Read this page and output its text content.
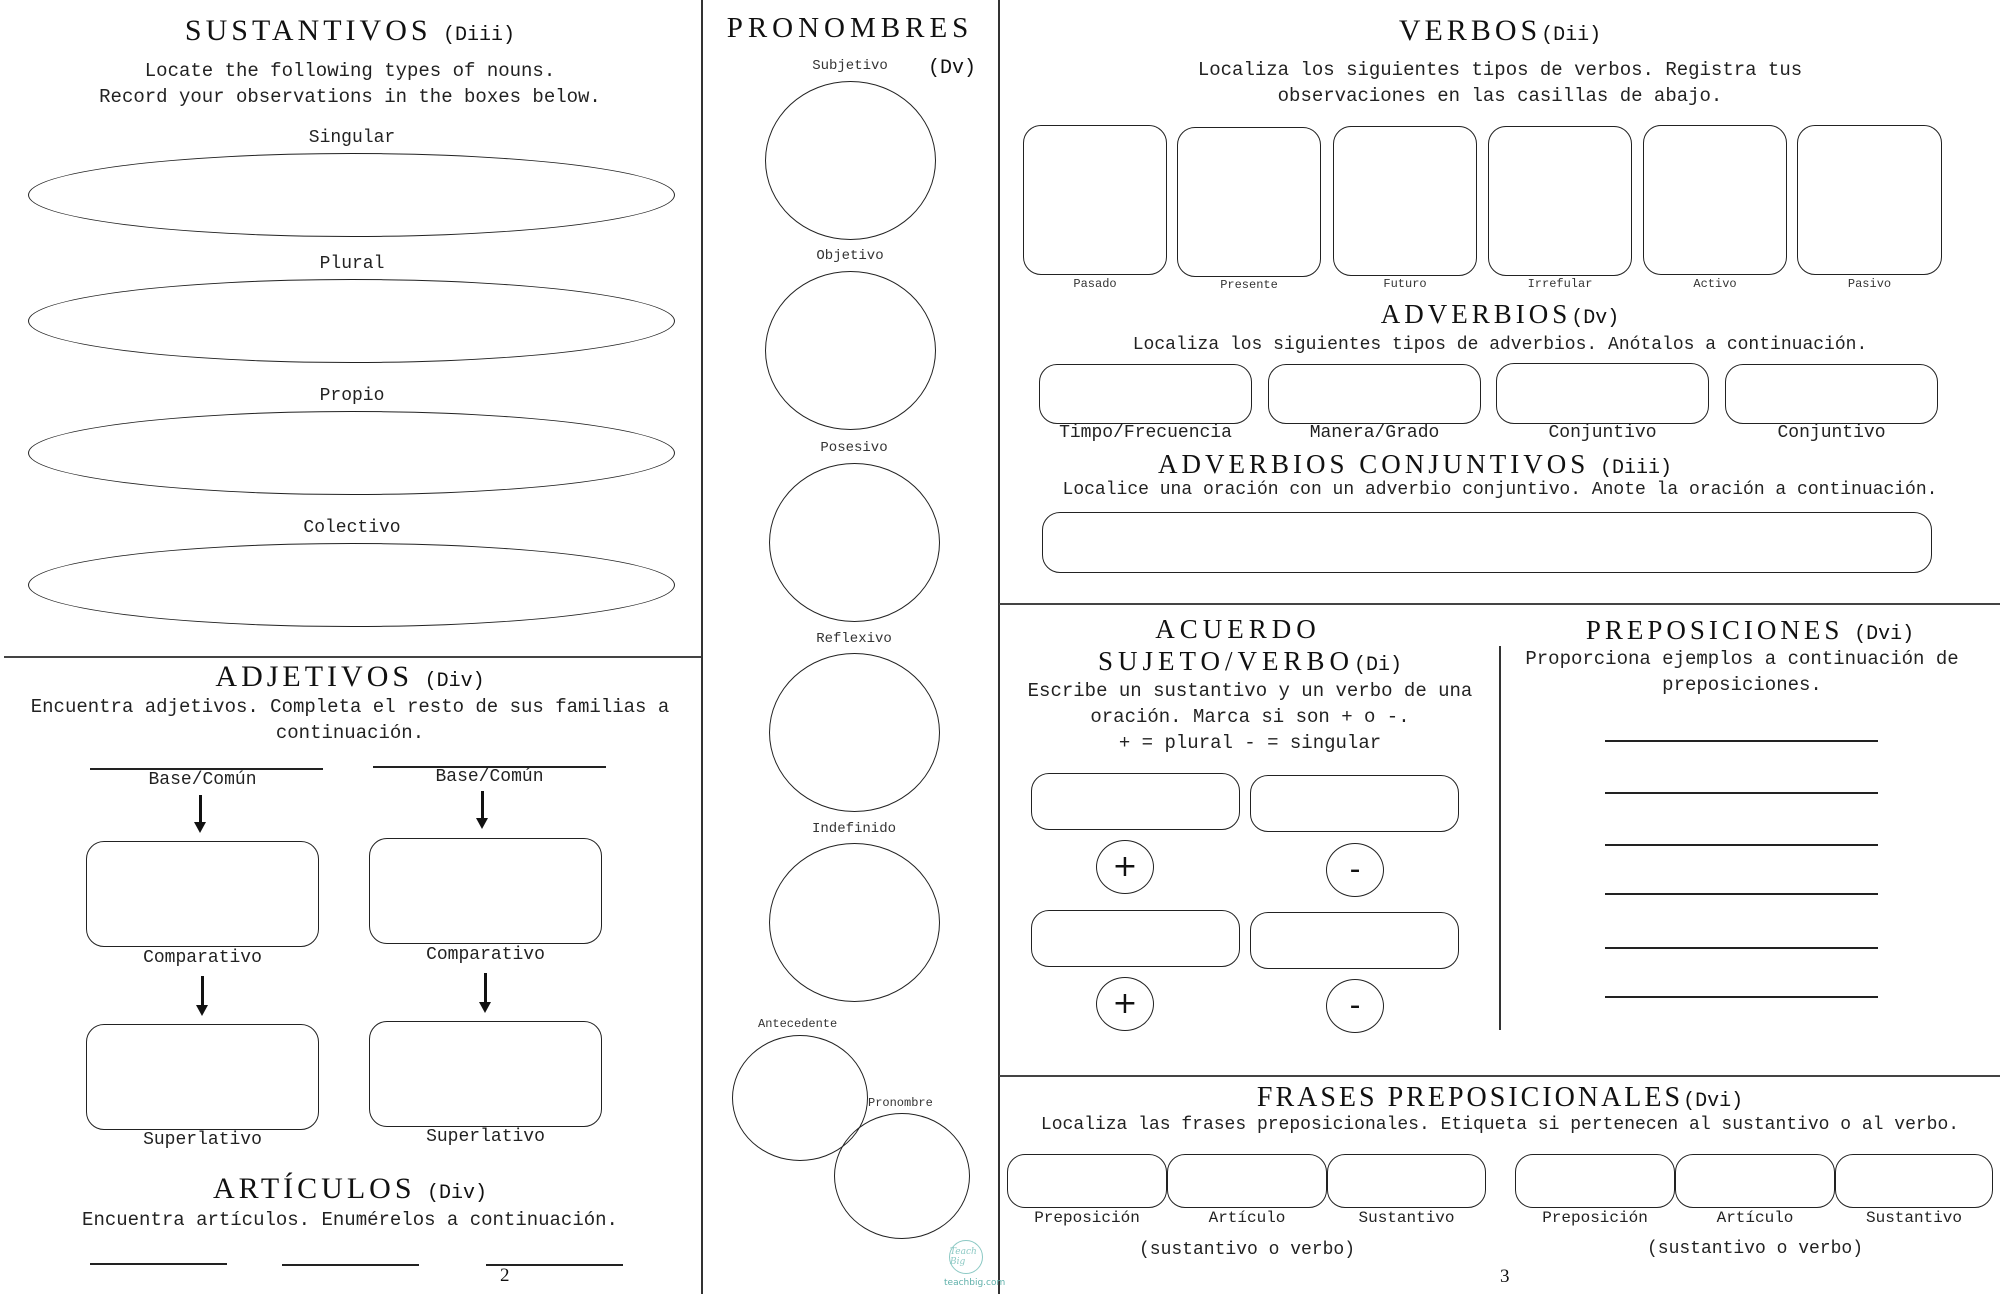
SUSTANTIVOS (Diii)
Locate the following types of nouns.
Record your observations in the boxes below.
Singular
Plural
Propio
Colectivo
ADJETIVOS (Div)
Encuentra adjetivos. Completa el resto de sus familias a
continuación.
Base/Común
Comparativo
Superlativo
Base/Común
Comparativo
Superlativo
ARTÍCULOS (Div)
Encuentra artículos. Enumérelos a continuación.
2
PRONOMBRES
(Dv)
Subjetivo
Objetivo
Posesivo
Reflexivo
Indefinido
Antecedente
Pronombre
Teach Big
teachbig.com
VERBOS(Dii)
Localiza los siguientes tipos de verbos. Registra tus
observaciones en las casillas de abajo.
Pasado	Presente	Futuro	Irrefular	Activo	Pasivo
ADVERBIOS(Dv)
Localiza los siguientes tipos de adverbios. Anótalos a continuación.
Timpo/Frecuencia	Manera/Grado	Conjuntivo	Conjuntivo
ADVERBIOS CONJUNTIVOS (Diii)
Localice una oración con un adverbio conjuntivo. Anote la oración a continuación.
ACUERDO
SUJETO/VERBO(Di)
Escribe un sustantivo y un verbo de una
oración. Marca si son + o -.
+ = plural - = singular
+	-
+	-
PREPOSICIONES (Dvi)
Proporciona ejemplos a continuación de
preposiciones.
FRASES PREPOSICIONALES(Dvi)
Localiza las frases preposicionales. Etiqueta si pertenecen al sustantivo o al verbo.
Preposición	Artículo	Sustantivo
(sustantivo o verbo)
Preposición	Artículo	Sustantivo
(sustantivo o verbo)
3
